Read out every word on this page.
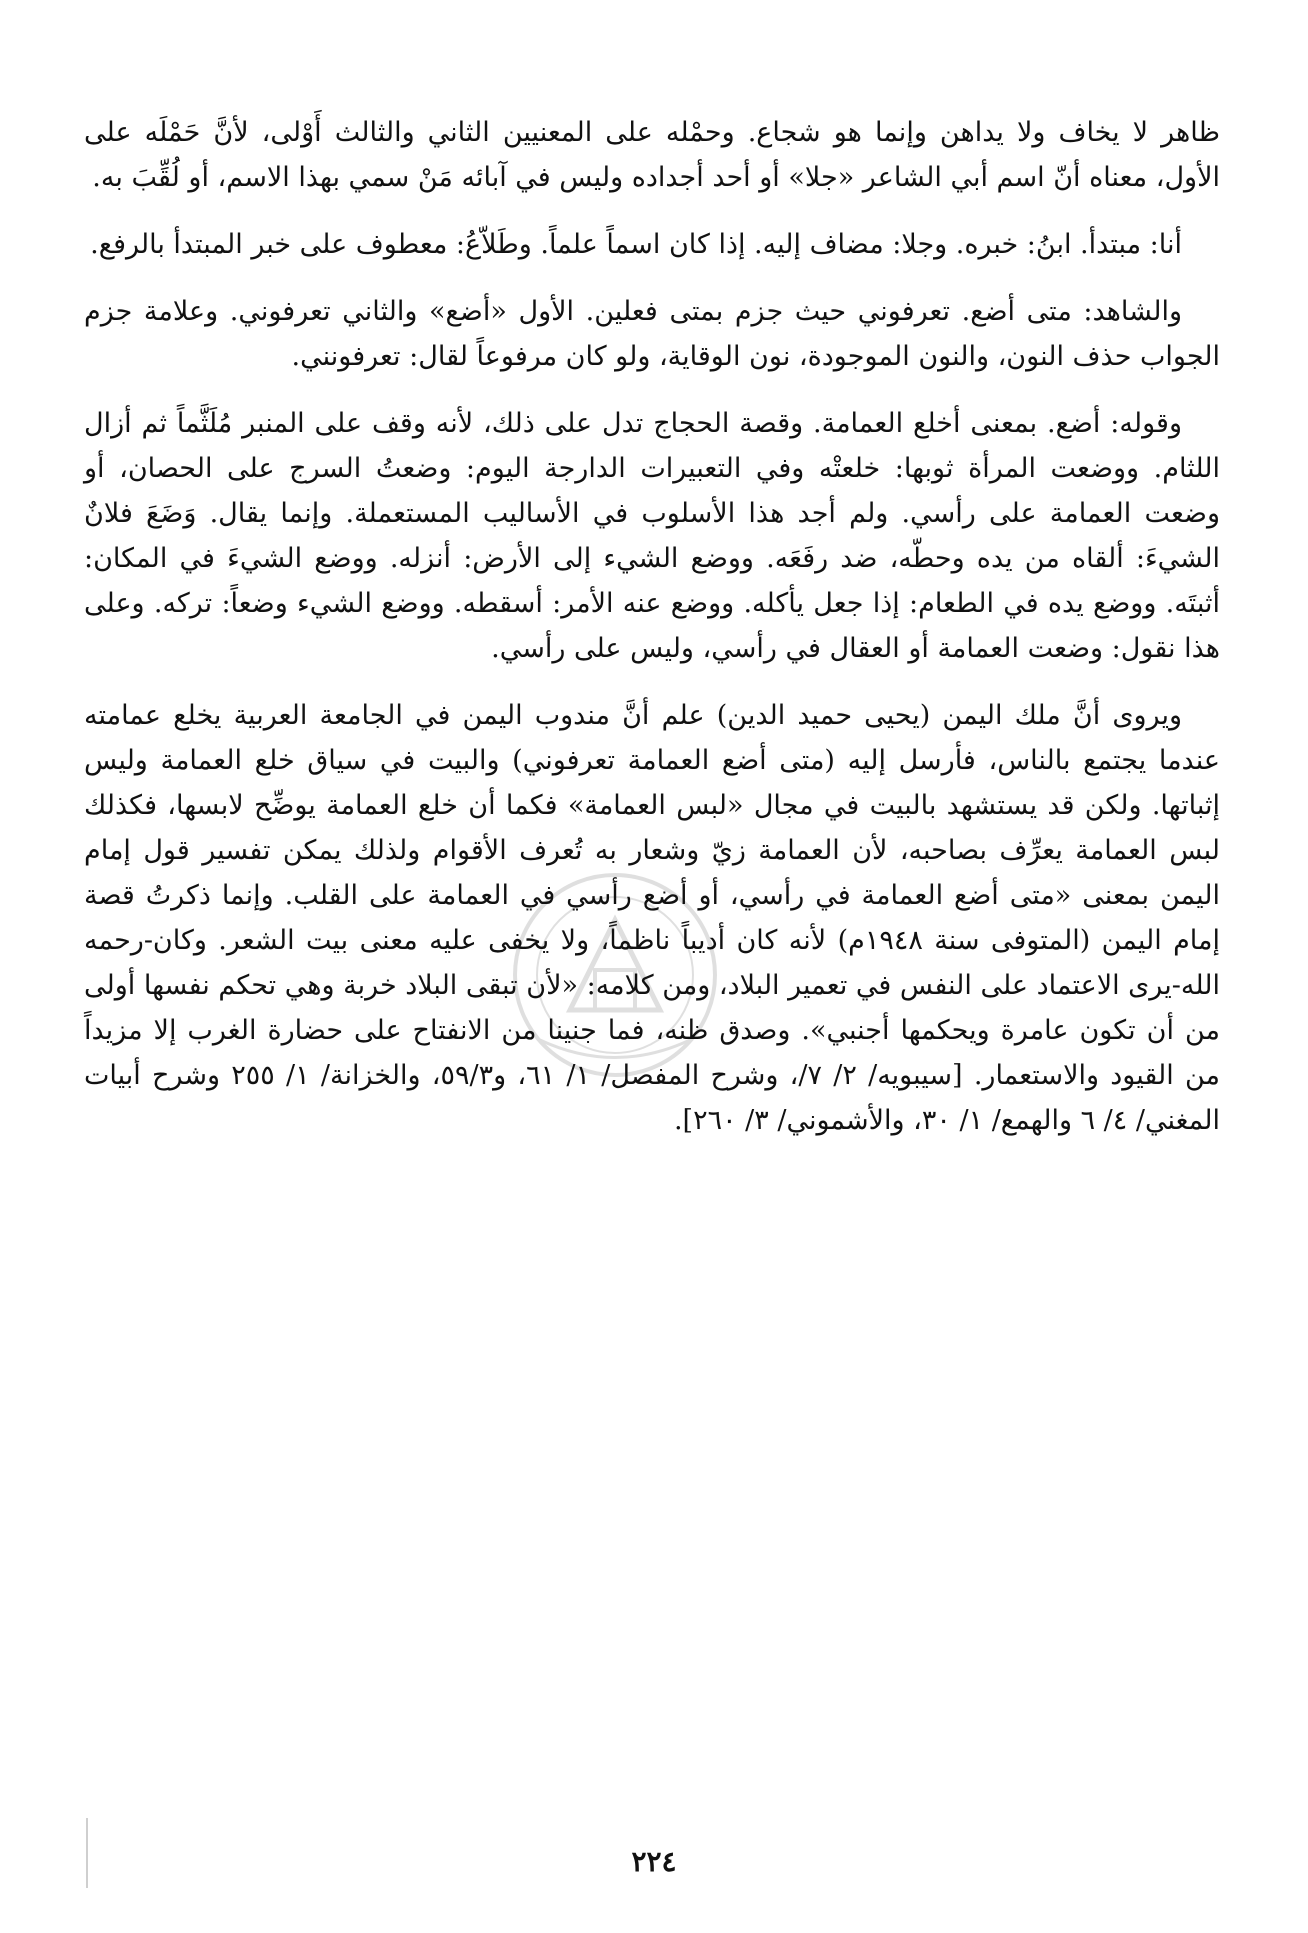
ظاهر لا يخاف ولا يداهن وإنما هو شجاع. وحمْله على المعنيين الثاني والثالث أَوْلى، لأنَّ حَمْلَه على الأول، معناه أنّ اسم أبي الشاعر «جلا» أو أحد أجداده وليس في آبائه مَنْ سمي بهذا الاسم، أو لُقِّبَ به.

أنا: مبتدأ. ابنُ: خبره. وجلا: مضاف إليه. إذا كان اسماً علماً. وطَلاّعُ: معطوف على خبر المبتدأ بالرفع.

والشاهد: متى أضع. تعرفوني حيث جزم بمتى فعلين. الأول «أضع» والثاني تعرفوني. وعلامة جزم الجواب حذف النون، والنون الموجودة، نون الوقاية، ولو كان مرفوعاً لقال: تعرفونني.

وقوله: أضع. بمعنى أخلع العمامة. وقصة الحجاج تدل على ذلك، لأنه وقف على المنبر مُلَثَّماً ثم أزال اللثام. ووضعت المرأة ثوبها: خلعتْه وفي التعبيرات الدارجة اليوم: وضعتُ السرج على الحصان، أو وضعت العمامة على رأسي. ولم أجد هذا الأسلوب في الأساليب المستعملة. وإنما يقال. وَضَعَ فلانٌ الشيءَ: ألقاه من يده وحطّه، ضد رفَعَه. ووضع الشيء إلى الأرض: أنزله. ووضع الشيءَ في المكان: أثبتَه. ووضع يده في الطعام: إذا جعل يأكله. ووضع عنه الأمر: أسقطه. ووضع الشيء وضعاً: تركه. وعلى هذا نقول: وضعت العمامة أو العقال في رأسي، وليس على رأسي.

ويروى أنَّ ملك اليمن (يحيى حميد الدين) علم أنَّ مندوب اليمن في الجامعة العربية يخلع عمامته عندما يجتمع بالناس، فأرسل إليه (متى أضع العمامة تعرفوني) والبيت في سياق خلع العمامة وليس إثباتها. ولكن قد يستشهد بالبيت في مجال «لبس العمامة» فكما أن خلع العمامة يوضِّح لابسها، فكذلك لبس العمامة يعرِّف بصاحبه، لأن العمامة زيّ وشعار به تُعرف الأقوام ولذلك يمكن تفسير قول إمام اليمن بمعنى «متى أضع العمامة في رأسي، أو أضع رأسي في العمامة على القلب. وإنما ذكرتُ قصة إمام اليمن (المتوفى سنة ١٩٤٨م) لأنه كان أديباً ناظماً، ولا يخفى عليه معنى بيت الشعر. وكان-رحمه الله-يرى الاعتماد على النفس في تعمير البلاد، ومن كلامه: «لأن تبقى البلاد خربة وهي تحكم نفسها أولى من أن تكون عامرة ويحكمها أجنبي». وصدق ظنه، فما جنينا من الانفتاح على حضارة الغرب إلا مزيداً من القيود والاستعمار. [سيبويه/ ٢/ ٧/، وشرح المفصل/ ١/ ٦١، و٥٩/٣، والخزانة/ ١/ ٢٥٥ وشرح أبيات المغني/ ٤/ ٦ والهمع/ ١/ ٣٠، والأشموني/ ٣/ ٢٦٠].

٢٢٤
